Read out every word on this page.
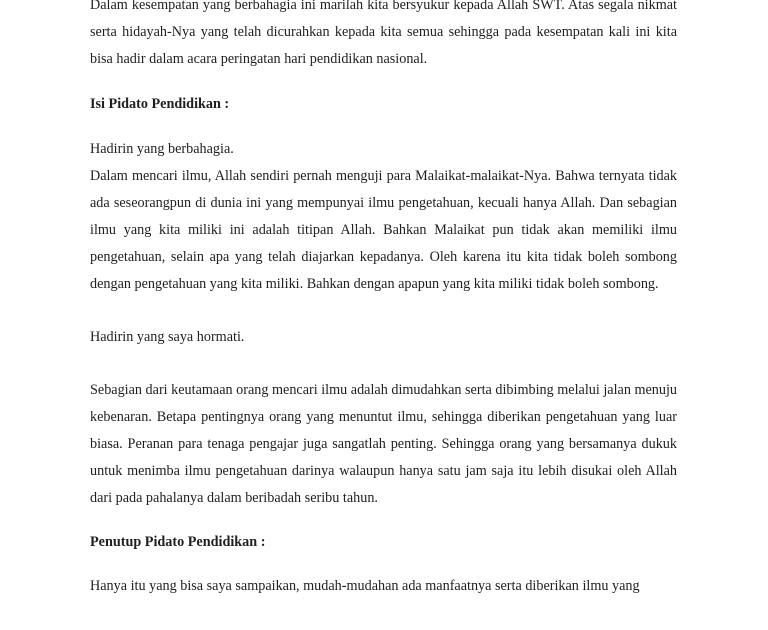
Dalam kesempatan yang berbahagia ini marilah kita bersyukur kepada Allah SWT. Atas segala nikmat serta hidayah-Nya yang telah dicurahkan kepada kita semua sehingga pada kesempatan kali ini kita bisa hadir dalam acara peringatan hari pendidikan nasional.

Isi Pidato Pendidikan :

Hadirin yang berbahagia.

Dalam mencari ilmu, Allah sendiri pernah menguji para Malaikat-malaikat-Nya. Bahwa ternyata tidak ada seseorangpun di dunia ini yang mempunyai ilmu pengetahuan, kecuali hanya Allah. Dan sebagian ilmu yang kita miliki ini adalah titipan Allah. Bahkan Malaikat pun tidak akan memiliki ilmu pengetahuan, selain apa yang telah diajarkan kepadanya. Oleh karena itu kita tidak boleh sombong dengan pengetahuan yang kita miliki. Bahkan dengan apapun yang kita miliki tidak boleh sombong.

Hadirin yang saya hormati.

Sebagian dari keutamaan orang mencari ilmu adalah dimudahkan serta dibimbing melalui jalan menuju kebenaran. Betapa pentingnya orang yang menuntut ilmu, sehingga diberikan pengetahuan yang luar biasa. Peranan para tenaga pengajar juga sangatlah penting. Sehingga orang yang bersamanya dukuk untuk menimba ilmu pengetahuan darinya walaupun hanya satu jam saja itu lebih disukai oleh Allah dari pada pahalanya dalam beribadah seribu tahun.

Penutup Pidato Pendidikan :

Hanya itu yang bisa saya sampaikan, mudah-mudahan ada manfaatnya serta diberikan ilmu yang
